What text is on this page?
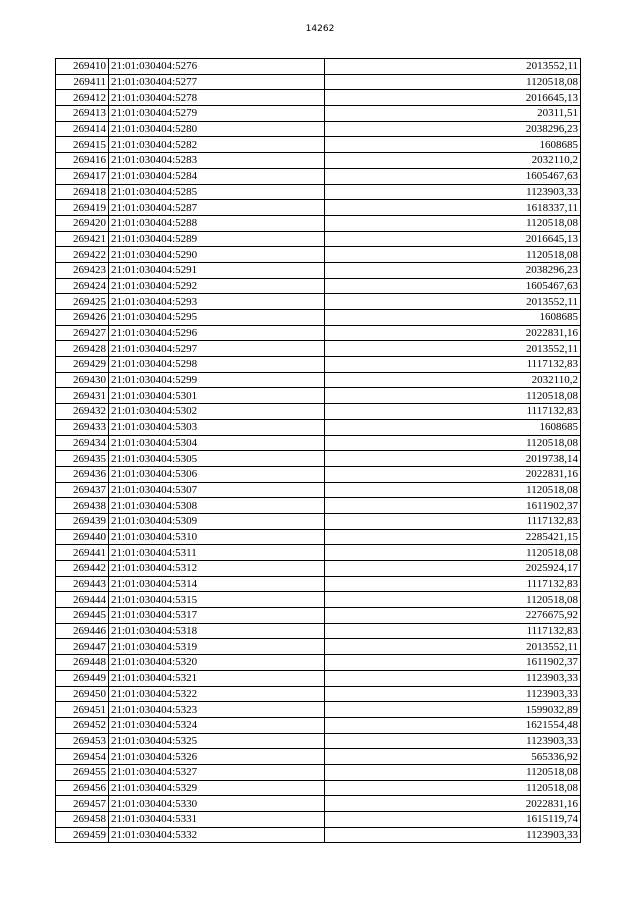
14262
269410	21:01:030404:5276	2013552,11
269411	21:01:030404:5277	1120518,08
269412	21:01:030404:5278	2016645,13
269413	21:01:030404:5279	20311,51
269414	21:01:030404:5280	2038296,23
269415	21:01:030404:5282	1608685
269416	21:01:030404:5283	2032110,2
269417	21:01:030404:5284	1605467,63
269418	21:01:030404:5285	1123903,33
269419	21:01:030404:5287	1618337,11
269420	21:01:030404:5288	1120518,08
269421	21:01:030404:5289	2016645,13
269422	21:01:030404:5290	1120518,08
269423	21:01:030404:5291	2038296,23
269424	21:01:030404:5292	1605467,63
269425	21:01:030404:5293	2013552,11
269426	21:01:030404:5295	1608685
269427	21:01:030404:5296	2022831,16
269428	21:01:030404:5297	2013552,11
269429	21:01:030404:5298	1117132,83
269430	21:01:030404:5299	2032110,2
269431	21:01:030404:5301	1120518,08
269432	21:01:030404:5302	1117132,83
269433	21:01:030404:5303	1608685
269434	21:01:030404:5304	1120518,08
269435	21:01:030404:5305	2019738,14
269436	21:01:030404:5306	2022831,16
269437	21:01:030404:5307	1120518,08
269438	21:01:030404:5308	1611902,37
269439	21:01:030404:5309	1117132,83
269440	21:01:030404:5310	2285421,15
269441	21:01:030404:5311	1120518,08
269442	21:01:030404:5312	2025924,17
269443	21:01:030404:5314	1117132,83
269444	21:01:030404:5315	1120518,08
269445	21:01:030404:5317	2276675,92
269446	21:01:030404:5318	1117132,83
269447	21:01:030404:5319	2013552,11
269448	21:01:030404:5320	1611902,37
269449	21:01:030404:5321	1123903,33
269450	21:01:030404:5322	1123903,33
269451	21:01:030404:5323	1599032,89
269452	21:01:030404:5324	1621554,48
269453	21:01:030404:5325	1123903,33
269454	21:01:030404:5326	565336,92
269455	21:01:030404:5327	1120518,08
269456	21:01:030404:5329	1120518,08
269457	21:01:030404:5330	2022831,16
269458	21:01:030404:5331	1615119,74
269459	21:01:030404:5332	1123903,33
